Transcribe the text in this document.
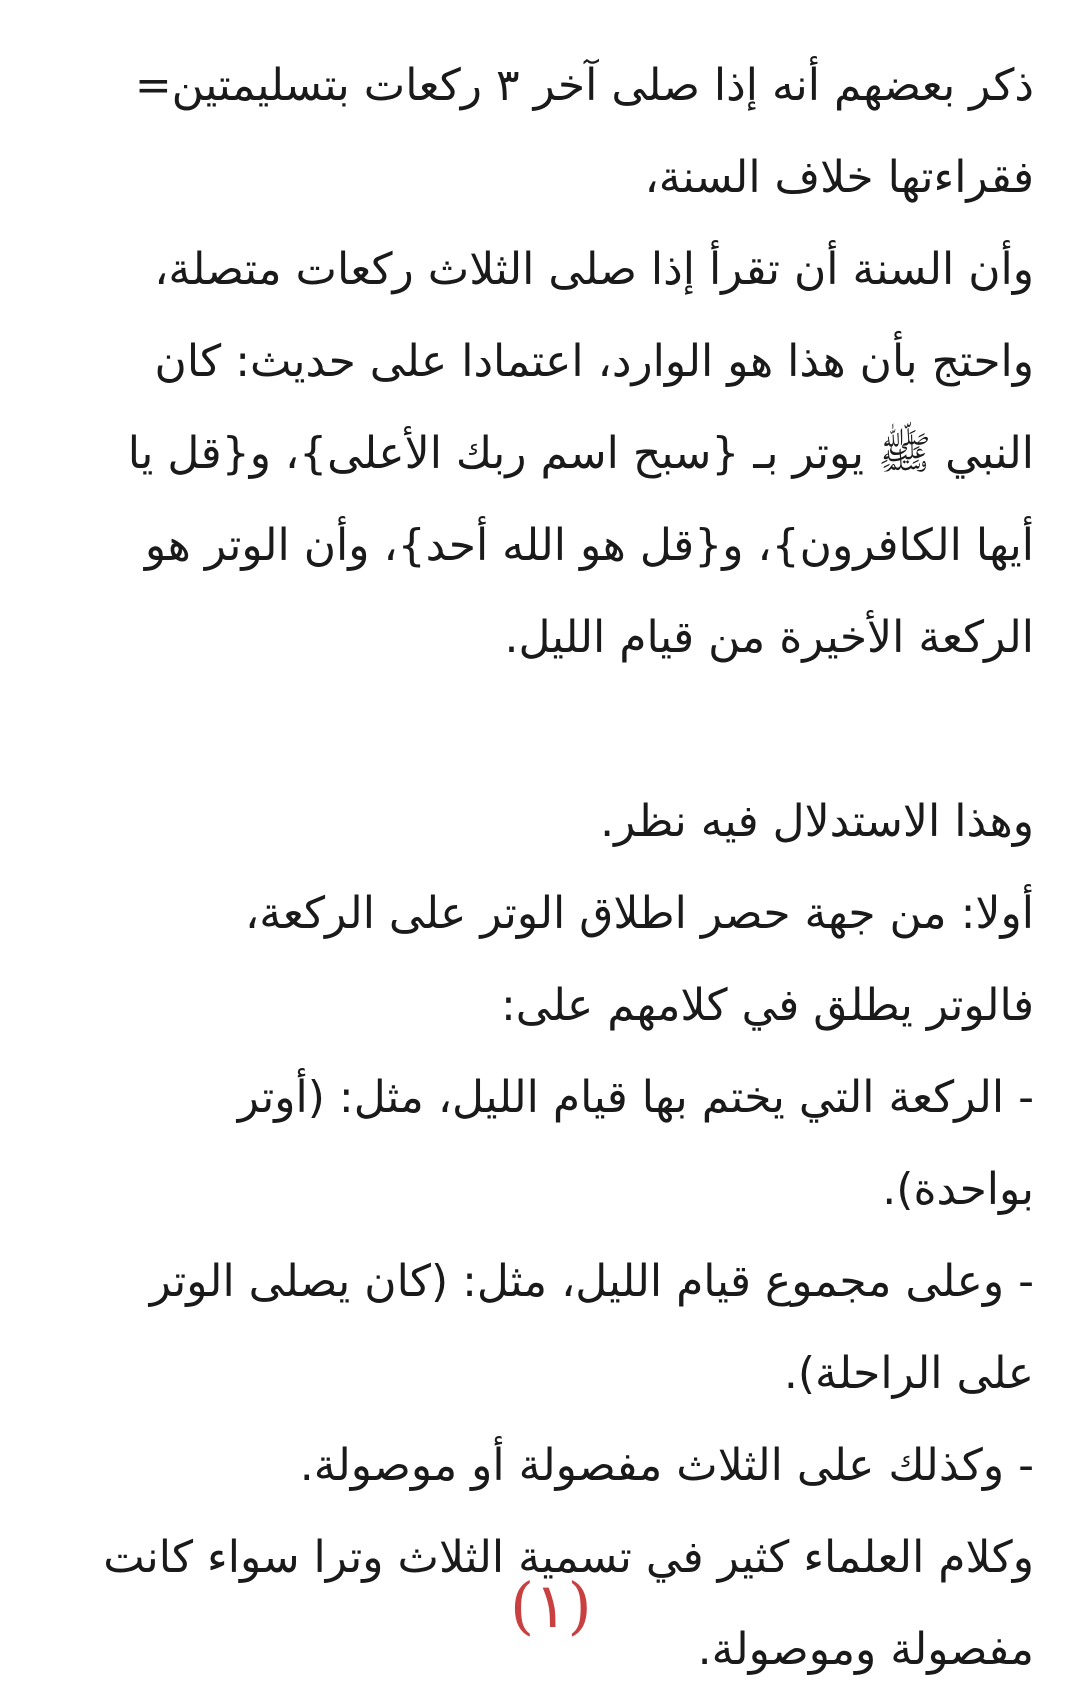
ذكر بعضهم أنه إذا صلى آخر ٣ ركعات بتسليمتين=
فقراءتها خلاف السنة،
وأن السنة أن تقرأ إذا صلى الثلاث ركعات متصلة،
واحتج بأن هذا هو الوارد، اعتمادا على حديث: كان
النبي ﷺ يوتر بـ {سبح اسم ربك الأعلى}، و{قل يا
أيها الكافرون}، و{قل هو الله أحد}، وأن الوتر هو
الركعة الأخيرة من قيام الليل.
وهذا الاستدلال فيه نظر.
أولا: من جهة حصر اطلاق الوتر على الركعة،
فالوتر يطلق في كلامهم على:
- الركعة التي يختم بها قيام الليل، مثل: (أوتر
بواحدة).
- وعلى مجموع قيام الليل، مثل: (كان يصلى الوتر
على الراحلة).
- وكذلك على الثلاث مفصولة أو موصولة.
وكلام العلماء كثير في تسمية الثلاث وترا سواء كانت
مفصولة وموصولة.
(١)
